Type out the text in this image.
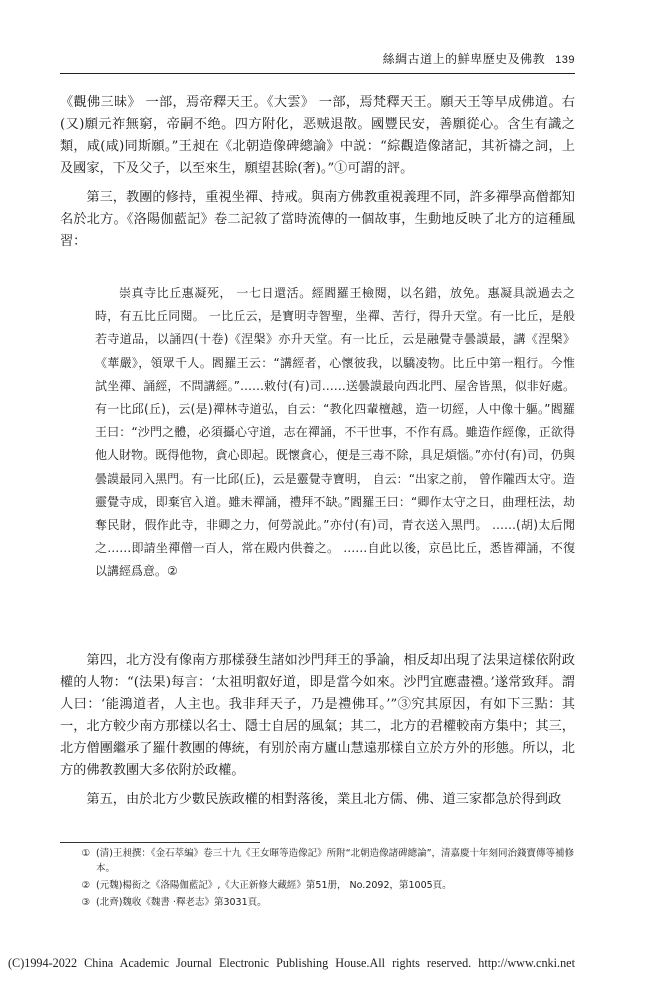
絲綢古道上的鮮卑歷史及佛教 139

《觀佛三昧》 一部，焉帝釋天王。《大雲》 一部，焉梵釋天王。願天王等早成佛道。右(又)願元祚無窮，帝嗣不绝。四方附化，恶贼退散。國豐民安，善願從心。含生有識之類，咸(咸)同斯願。”王昶在《北朝造像碑總論》中説：“綜觀造像諸記，其祈禱之詞，上及國家，下及父子，以至來生，願望甚賒(奢)。”①可謂的評。

第三，教團的修持，重視坐禪、持戒。與南方佛教重視義理不同，許多禪學高僧都知名於北方。《洛陽伽藍記》卷二記敘了當時流傳的一個故事，生動地反映了北方的這種風習：

崇真寺比丘惠凝死， 一七日還活。經閻羅王檢閱，以名錯，放免。惠凝具説過去之時，有五比丘同閱。 一比丘云，是寶明寺智聖，坐禪、苦行，得升天堂。有一比丘，是般若寺道品，以誦四(十卷)《涅槃》亦升天堂。有一比丘，云是融覺寺曇謨最，講《涅槃》《華嚴》，領眾千人。閻羅王云：“講經者，心懷彼我，以驕凌物。比丘中第一粗行。今惟試坐禪、誦經，不問講經。”……敕付(有)司……送曇謨最向西北門、屋舍皆黑，似非好處。有一比邱(丘)，云(是)禪林寺道弘，自云：“教化四輩檀越，造一切經，人中像十軀。”閻羅王曰：“沙門之體，必須攝心守道，志在禪誦，不干世事，不作有爲。雖造作經像，正欲得他人財物。既得他物，貪心即起。既懷貪心，便是三毒不除，具足煩惱。”亦付(有)司，仍與曇謨最同入黑門。有一比邱(丘)，云是靈覺寺寶明， 自云：“出家之前， 曾作隴西太守。造靈覺寺成，即棄官入道。雖未禪誦，禮拜不缺。”閻羅王曰：“卿作太守之日，曲理枉法，劫奪民財，假作此寺，非卿之力，何勞説此。”亦付(有)司，青衣送入黑門。 ……(胡)太后聞之……即請坐禪僧一百人，常在殿内供養之。 ……自此以後，京邑比丘，悉皆禪誦，不復以講經爲意。②

第四，北方没有像南方那樣發生諸如沙門拜王的爭論，相反却出現了法果這樣依附政權的人物：“(法果)每言：‘太祖明叡好道，即是當今如來。沙門宜應盡禮。’遂常致拜。謂人曰：‘能鴻道者，人主也。我非拜天子，乃是禮佛耳。’”③究其原因，有如下三點：其一，北方較少南方那樣以名士、隱士自居的風氣；其二，北方的君權較南方集中；其三，北方僧團繼承了羅什教團的傳統，有别於南方廬山慧遠那樣自立於方外的形態。所以，北方的佛教教團大多依附於政權。

第五，由於北方少數民族政權的相對落後，業且北方儒、佛、道三家都急於得到政

① (清)王昶撰：《金石萃編》卷三十九《王女暉等造像記》所附“北朝造像諸碑總論”，清嘉慶十年刻同治錢寶傳等補修本。
② (元魏)楊衒之《洛陽伽藍記》,《大正新修大藏經》第51册， No.2092，第1005頁。
③ (北齊)魏收《魏書 ·釋老志》第3031頁。
(C)1994-2022 China Academic Journal Electronic Publishing House.All rights reserved. http://www.cnki.net
